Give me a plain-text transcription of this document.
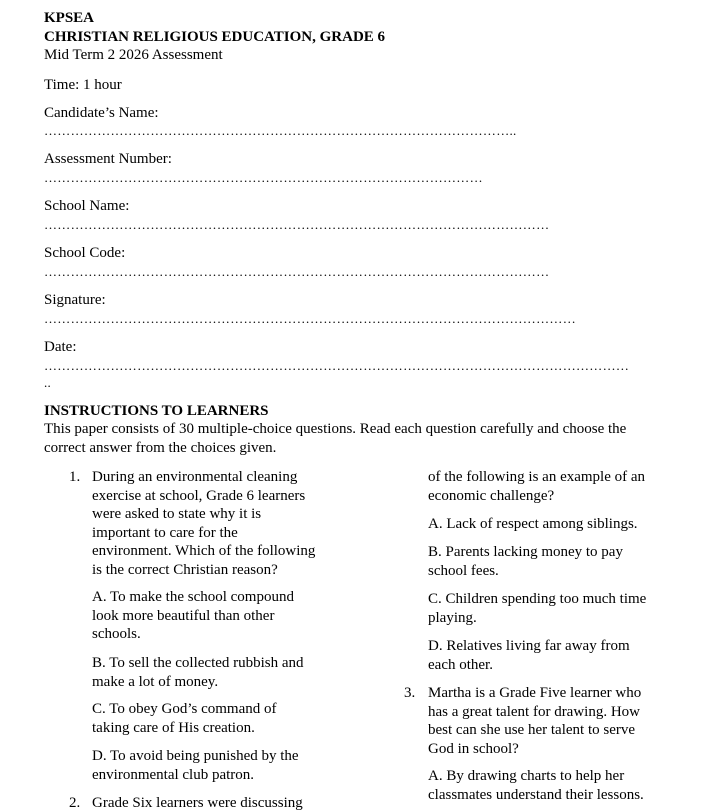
KPSEA
CHRISTIAN RELIGIOUS EDUCATION, GRADE 6
Mid Term 2 2026 Assessment
Time: 1 hour
Candidate’s Name:
……………………………………………………………………………………………..
Assessment Number:
………………………………………………………………………………………
School Name:
……………………………………………………………………………………………………
School Code:
……………………………………………………………………………………………………
Signature:
…………………………………………………………………………………………………………
Date:
……………………………………………………………………………………………………………………
..
INSTRUCTIONS TO LEARNERS
This paper consists of 30 multiple-choice questions. Read each question carefully and choose the
correct answer from the choices given.
1. During an environmental cleaning
exercise at school, Grade 6 learners
were asked to state why it is
important to care for the
environment. Which of the following
is the correct Christian reason?
A. To make the school compound
look more beautiful than other
schools.
B. To sell the collected rubbish and
make a lot of money.
C. To obey God’s command of
taking care of His creation.
D. To avoid being punished by the
environmental club patron.
2. Grade Six learners were discussing
of the following is an example of an
economic challenge?
A. Lack of respect among siblings.
B. Parents lacking money to pay
school fees.
C. Children spending too much time
playing.
D. Relatives living far away from
each other.
3. Martha is a Grade Five learner who
has a great talent for drawing. How
best can she use her talent to serve
God in school?
A. By drawing charts to help her
classmates understand their lessons.
